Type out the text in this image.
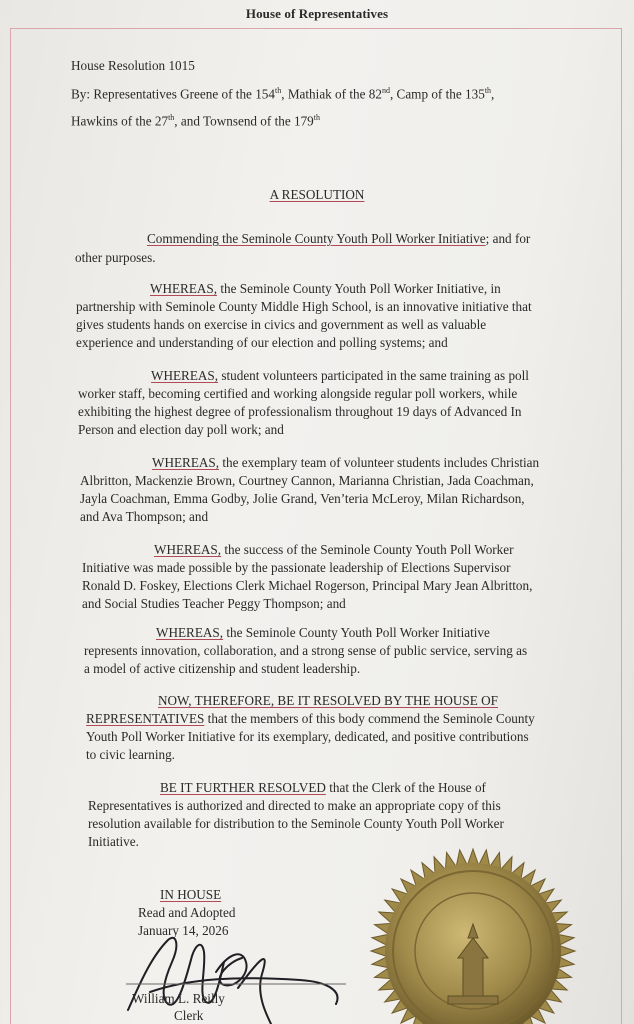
House of Representatives
House Resolution 1015
By: Representatives Greene of the 154th, Mathiak of the 82nd, Camp of the 135th,
Hawkins of the 27th, and Townsend of the 179th
A RESOLUTION
Commending the Seminole County Youth Poll Worker Initiative; and for
other purposes.
WHEREAS, the Seminole County Youth Poll Worker Initiative, in
partnership with Seminole County Middle High School, is an innovative initiative that
gives students hands on exercise in civics and government as well as valuable
experience and understanding of our election and polling systems; and
WHEREAS, student volunteers participated in the same training as poll
worker staff, becoming certified and working alongside regular poll workers, while
exhibiting the highest degree of professionalism throughout 19 days of Advanced In
Person and election day poll work; and
WHEREAS, the exemplary team of volunteer students includes Christian
Albritton, Mackenzie Brown, Courtney Cannon, Marianna Christian, Jada Coachman,
Jayla Coachman, Emma Godby, Jolie Grand, Ven’teria McLeroy, Milan Richardson,
and Ava Thompson; and
WHEREAS, the success of the Seminole County Youth Poll Worker
Initiative was made possible by the passionate leadership of Elections Supervisor
Ronald D. Foskey, Elections Clerk Michael Rogerson, Principal Mary Jean Albritton,
and Social Studies Teacher Peggy Thompson; and
WHEREAS, the Seminole County Youth Poll Worker Initiative
represents innovation, collaboration, and a strong sense of public service, serving as
a model of active citizenship and student leadership.
NOW, THEREFORE, BE IT RESOLVED BY THE HOUSE OF
REPRESENTATIVES that the members of this body commend the Seminole County
Youth Poll Worker Initiative for its exemplary, dedicated, and positive contributions
to civic learning.
BE IT FURTHER RESOLVED that the Clerk of the House of
Representatives is authorized and directed to make an appropriate copy of this
resolution available for distribution to the Seminole County Youth Poll Worker
Initiative.
IN HOUSE
Read and Adopted
January 14, 2026
William L. Reilly
Clerk
